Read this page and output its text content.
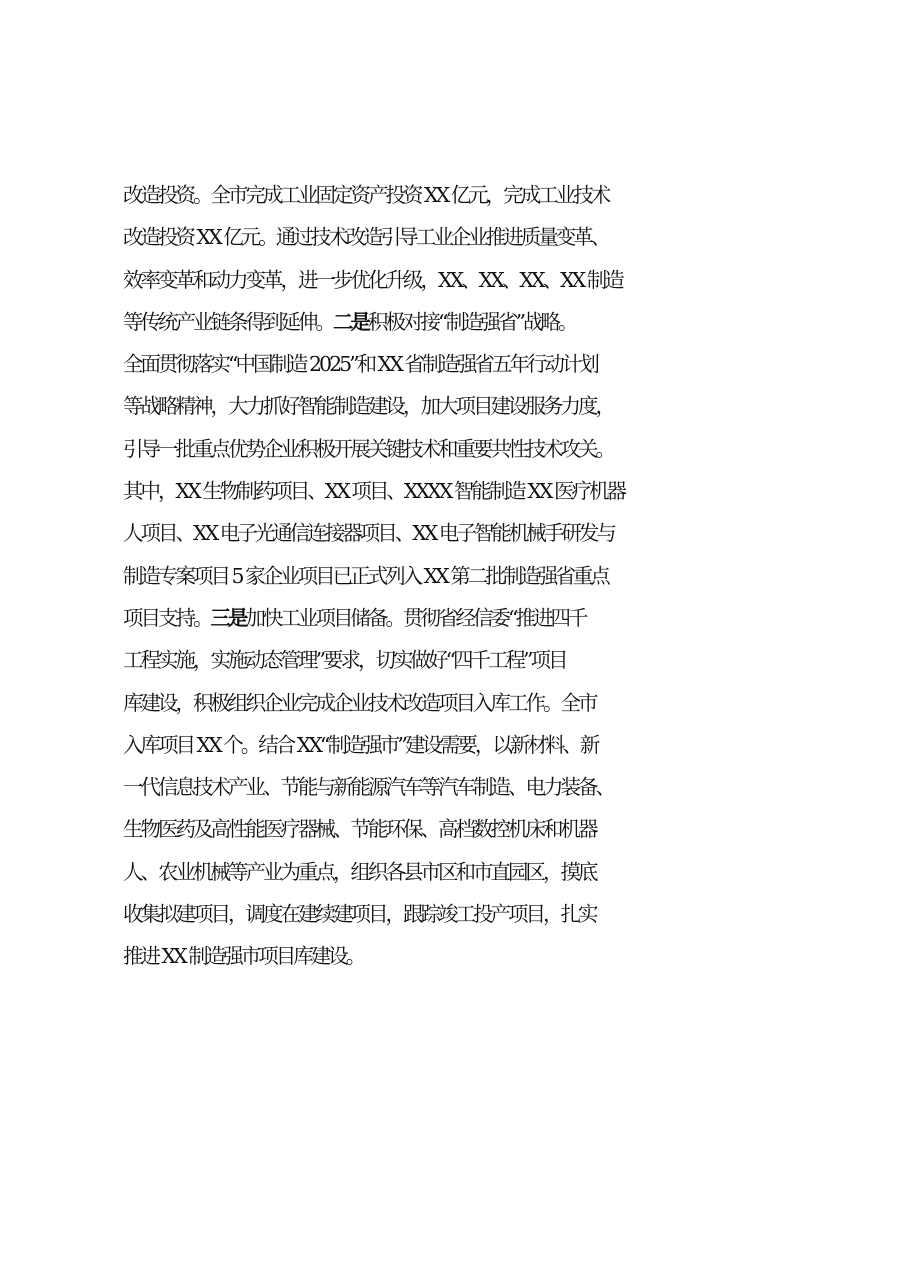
改造投资。全市完成工业固定资产投资 XX 亿元，完成工业技术
改造投资 XX 亿元。通过技术改造引导工业企业推进质量变革、
效率变革和动力变革，进一步优化升级，XX、XX、XX、XX 制造
等传统产业链条得到延伸。二是积极对接“制造强省”战略。
全面贯彻落实“中国制造 2025”和 XX 省制造强省五年行动计划
等战略精神，大力抓好智能制造建设，加大项目建设服务力度，
引导一批重点优势企业积极开展关键技术和重要共性技术攻关。
其中，XX 生物制药项目、XX 项目、XXXX 智能制造 XX 医疗机器
人项目、XX 电子光通信连接器项目、XX 电子智能机械手研发与
制造专案项目 5 家企业项目已正式列入 XX 第二批制造强省重点
项目支持。三是加快工业项目储备。贯彻省经信委“推进四千
工程实施，实施动态管理”要求，切实做好“四千工程”项目
库建设，积极组织企业完成企业技术改造项目入库工作。全市
入库项目 XX 个。结合 XX“制造强市”建设需要，以新材料、新
一代信息技术产业、节能与新能源汽车等汽车制造、电力装备、
生物医药及高性能医疗器械、节能环保、高档数控机床和机器
人、农业机械等产业为重点，组织各县市区和市直园区，摸底
收集拟建项目，调度在建续建项目，跟踪竣工投产项目，扎实
推进 XX 制造强市项目库建设。
